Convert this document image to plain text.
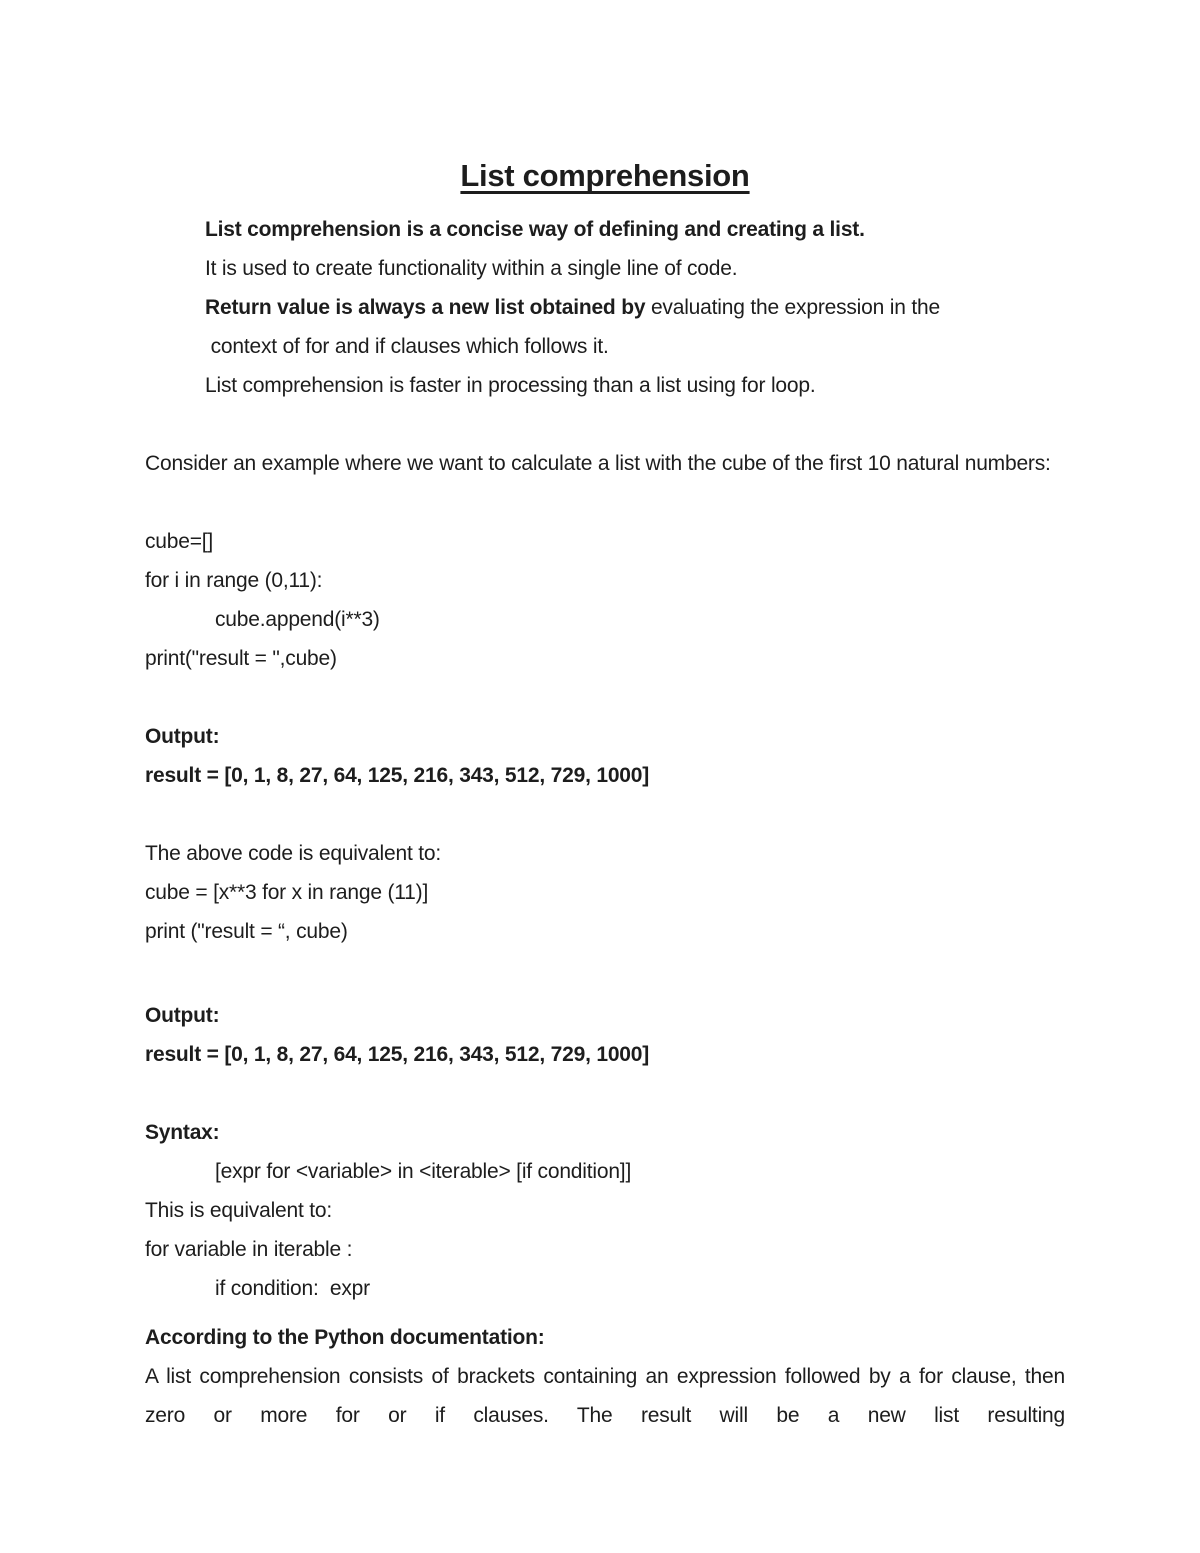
List comprehension
List comprehension is a concise way of defining and creating a list.
It is used to create functionality within a single line of code.
Return value is always a new list obtained by evaluating the expression in the
context of for and if clauses which follows it.
List comprehension is faster in processing than a list using for loop.

Consider an example where we want to calculate a list with the cube of the first 10 natural numbers:

cube=[]
for i in range (0,11):
cube.append(i**3)
print("result = ",cube)
Output:
result = [0, 1, 8, 27, 64, 125, 216, 343, 512, 729, 1000]
The above code is equivalent to:
cube = [x**3 for x in range (11)]
print ("result = “, cube)
Output:
result = [0, 1, 8, 27, 64, 125, 216, 343, 512, 729, 1000]
Syntax:
[expr for <variable> in <iterable> [if condition]]
This is equivalent to:
for variable in iterable :
if condition:  expr
According to the Python documentation:

A list comprehension consists of brackets containing an expression followed by a for clause, then zero or more for or if clauses. The result will be a new list resulting
